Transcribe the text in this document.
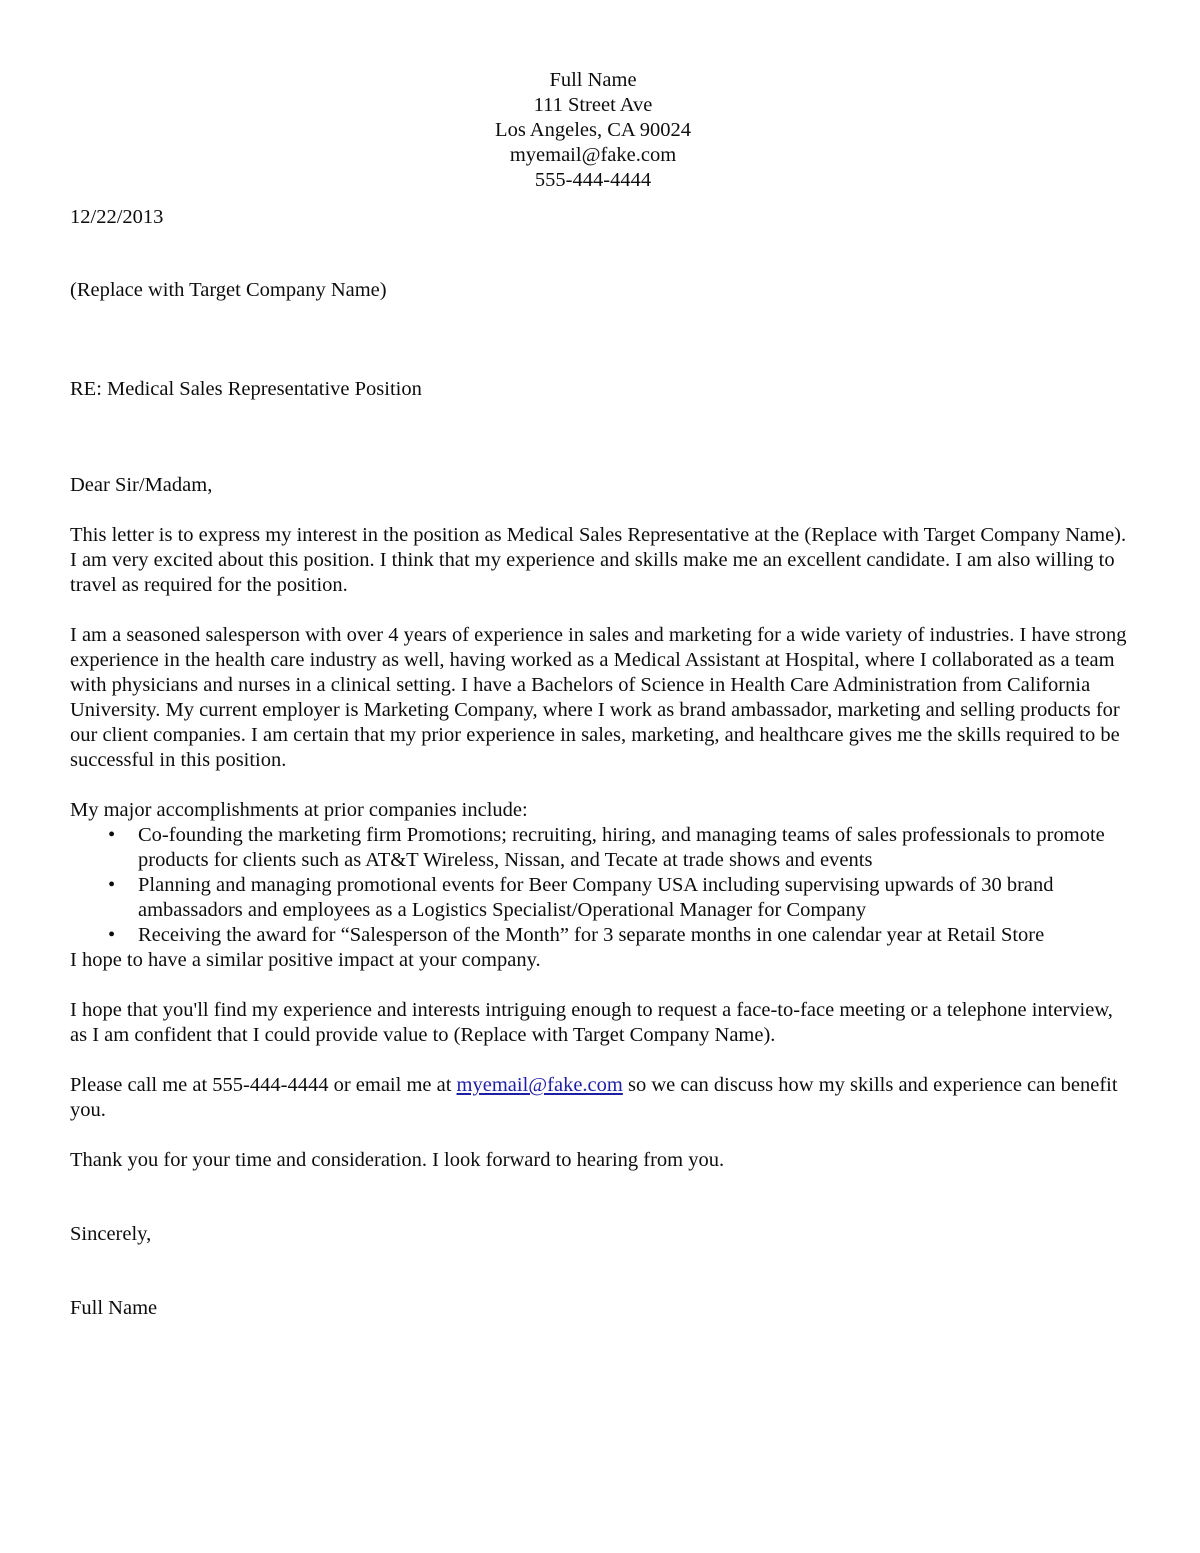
Full Name
111 Street Ave
Los Angeles, CA 90024
myemail@fake.com
555-444-4444
12/22/2013
(Replace with Target Company Name)
RE: Medical Sales Representative Position
Dear Sir/Madam,

This letter is to express my interest in the position as Medical Sales Representative at the (Replace with Target Company Name). I am very excited about this position. I think that my experience and skills make me an excellent candidate. I am also willing to travel as required for the position.

I am a seasoned salesperson with over 4 years of experience in sales and marketing for a wide variety of industries. I have strong experience in the health care industry as well, having worked as a Medical Assistant at Hospital, where I collaborated as a team with physicians and nurses in a clinical setting. I have a Bachelors of Science in Health Care Administration from California University. My current employer is Marketing Company, where I work as brand ambassador, marketing and selling products for our client companies. I am certain that my prior experience in sales, marketing, and healthcare gives me the skills required to be successful in this position.

My major accomplishments at prior companies include:

• Co-founding the marketing firm Promotions; recruiting, hiring, and managing teams of sales professionals to promote products for clients such as AT&T Wireless, Nissan, and Tecate at trade shows and events
• Planning and managing promotional events for Beer Company USA including supervising upwards of 30 brand ambassadors and employees as a Logistics Specialist/Operational Manager for Company
• Receiving the award for “Salesperson of the Month” for 3 separate months in one calendar year at Retail Store
I hope to have a similar positive impact at your company.

I hope that you'll find my experience and interests intriguing enough to request a face-to-face meeting or a telephone interview, as I am confident that I could provide value to (Replace with Target Company Name).

Please call me at 555-444-4444 or email me at myemail@fake.com so we can discuss how my skills and experience can benefit you.

Thank you for your time and consideration. I look forward to hearing from you.

Sincerely,
Full Name
